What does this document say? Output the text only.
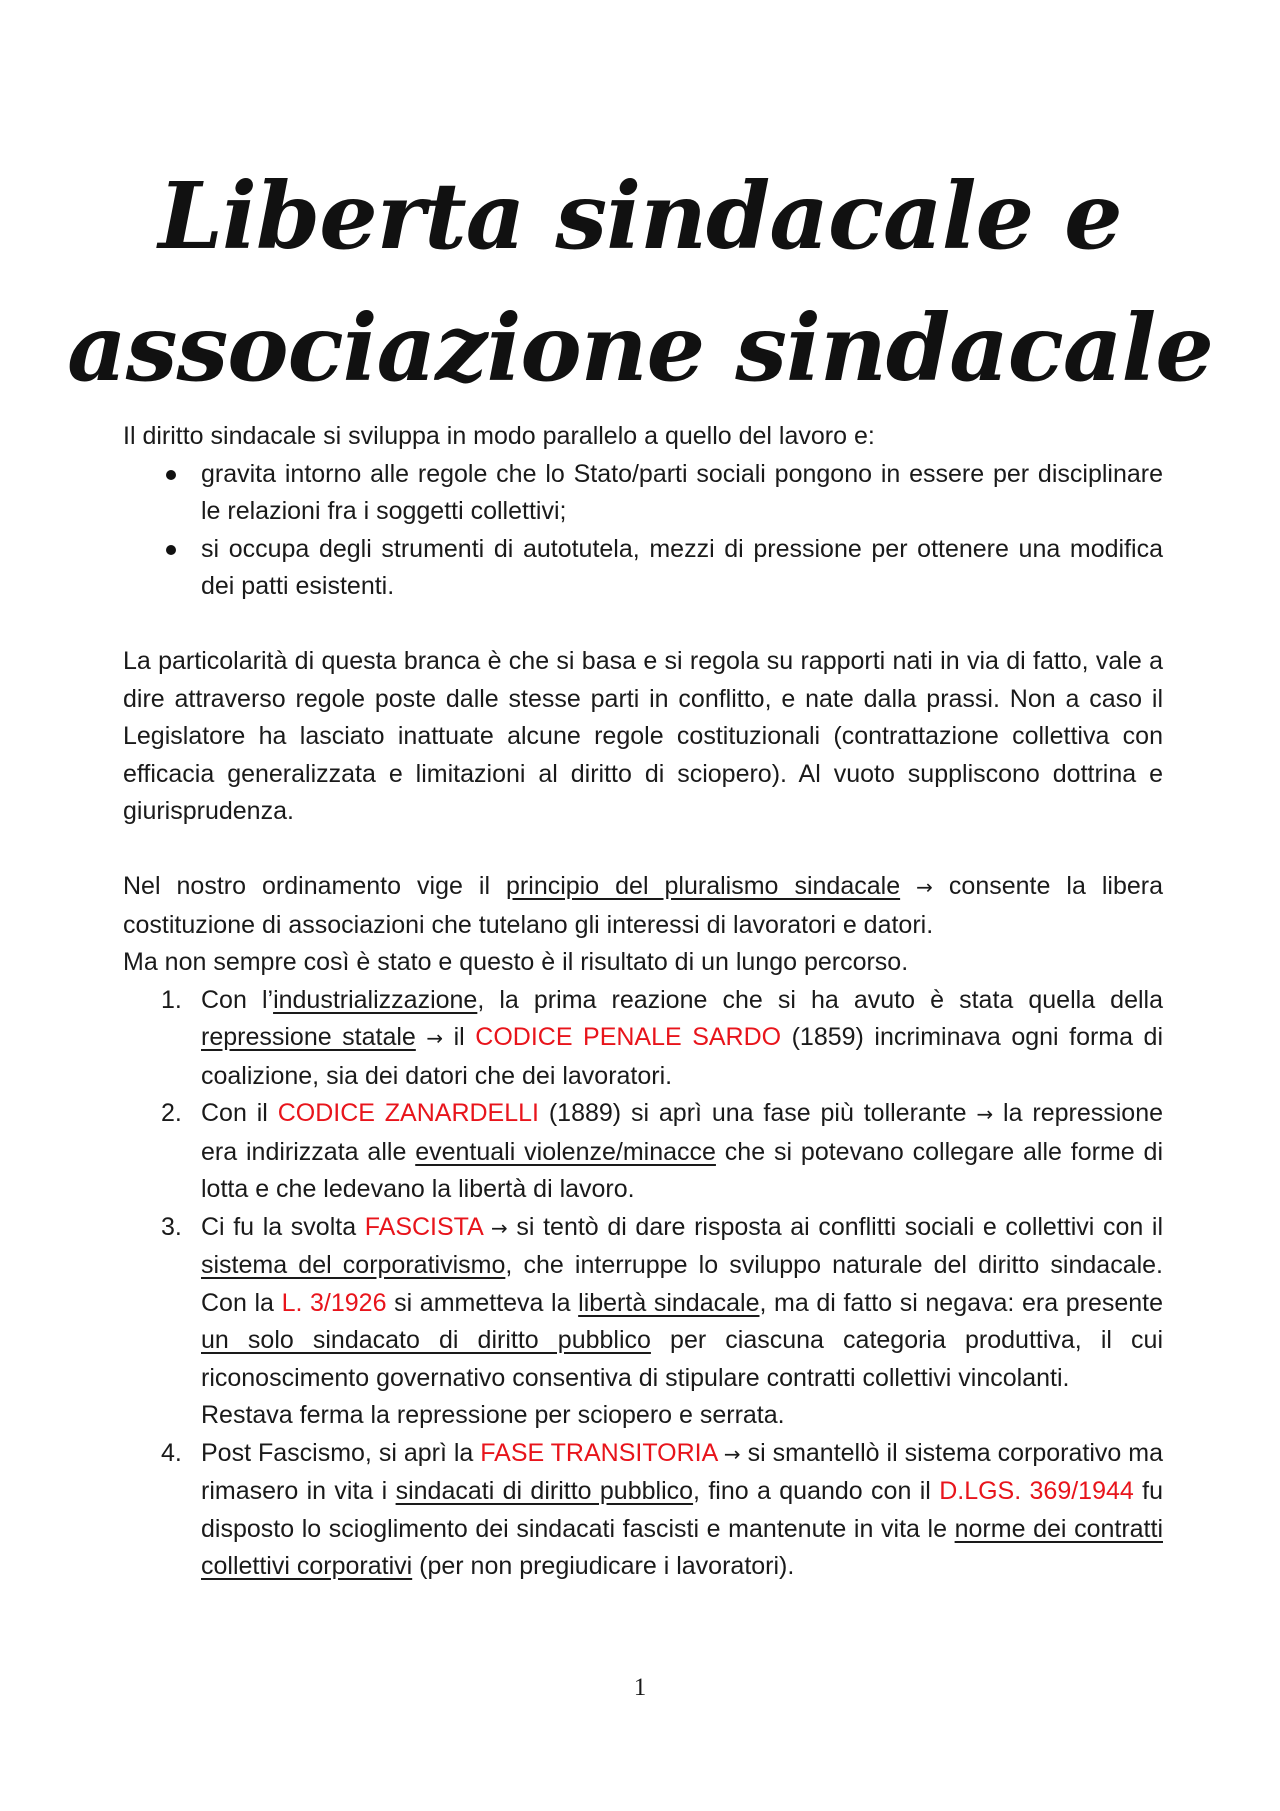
Liberta sindacale e
associazione sindacale

Il diritto sindacale si sviluppa in modo parallelo a quello del lavoro e:

gravita intorno alle regole che lo Stato/parti sociali pongono in essere per disciplinare le relazioni fra i soggetti collettivi;
si occupa degli strumenti di autotutela, mezzi di pressione per ottenere una modifica dei patti esistenti.

La particolarità di questa branca è che si basa e si regola su rapporti nati in via di fatto, vale a dire attraverso regole poste dalle stesse parti in conflitto, e nate dalla prassi. Non a caso il Legislatore ha lasciato inattuate alcune regole costituzionali (contrattazione collettiva con efficacia generalizzata e limitazioni al diritto di sciopero). Al vuoto suppliscono dottrina e giurisprudenza.

Nel nostro ordinamento vige il principio del pluralismo sindacale → consente la libera costituzione di associazioni che tutelano gli interessi di lavoratori e datori.

Ma non sempre così è stato e questo è il risultato di un lungo percorso.

1. Con l’industrializzazione, la prima reazione che si ha avuto è stata quella della repressione statale → il CODICE PENALE SARDO (1859) incriminava ogni forma di coalizione, sia dei datori che dei lavoratori.
2. Con il CODICE ZANARDELLI (1889) si aprì una fase più tollerante → la repressione era indirizzata alle eventuali violenze/minacce che si potevano collegare alle forme di lotta e che ledevano la libertà di lavoro.
3. Ci fu la svolta FASCISTA → si tentò di dare risposta ai conflitti sociali e collettivi con il sistema del corporativismo, che interruppe lo sviluppo naturale del diritto sindacale. Con la L. 3/1926 si ammetteva la libertà sindacale, ma di fatto si negava: era presente un solo sindacato di diritto pubblico per ciascuna categoria produttiva, il cui riconoscimento governativo consentiva di stipulare contratti collettivi vincolanti.
Restava ferma la repressione per sciopero e serrata.
4. Post Fascismo, si aprì la FASE TRANSITORIA → si smantellò il sistema corporativo ma rimasero in vita i sindacati di diritto pubblico, fino a quando con il D.LGS. 369/1944 fu disposto lo scioglimento dei sindacati fascisti e mantenute in vita le norme dei contratti collettivi corporativi (per non pregiudicare i lavoratori).
1
